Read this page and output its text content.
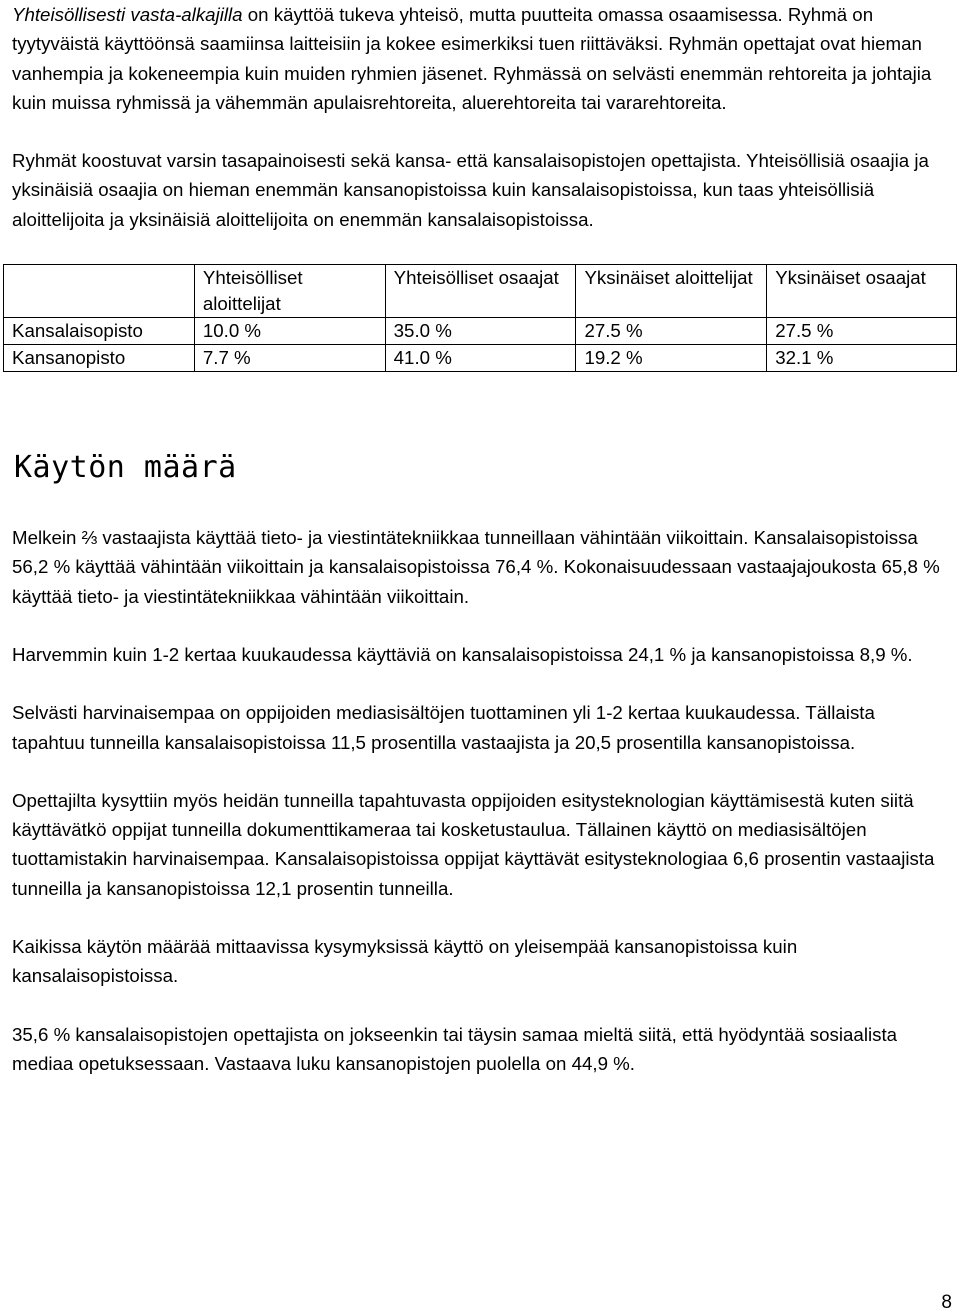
Yhteisöllisesti vasta-alkajilla on käyttöä tukeva yhteisö, mutta puutteita omassa osaamisessa. Ryhmä on tyytyväistä käyttöönsä saamiinsa laitteisiin ja kokee esimerkiksi tuen riittäväksi. Ryhmän opettajat ovat hieman vanhempia ja kokeneempia kuin muiden ryhmien jäsenet. Ryhmässä on selvästi enemmän rehtoreita ja johtajia kuin muissa ryhmissä ja vähemmän apulaisrehtoreita, aluerehtoreita tai vararehtoreita.

Ryhmät koostuvat varsin tasapainoisesti sekä kansa- että kansalaisopistojen opettajista. Yhteisöllisiä osaajia ja yksinäisiä osaajia on hieman enemmän kansanopistoissa kuin kansalaisopistoissa, kun taas yhteisöllisiä aloittelijoita ja yksinäisiä aloittelijoita on enemmän kansalaisopistoissa.

	Yhteisölliset aloittelijat	Yhteisölliset osaajat	Yksinäiset aloittelijat	Yksinäiset osaajat
Kansalaisopisto	10.0 %	35.0 %	27.5 %	27.5 %
Kansanopisto	7.7 %	41.0 %	19.2 %	32.1 %
Käytön määrä

Melkein ⅔ vastaajista käyttää tieto- ja viestintätekniikkaa tunneillaan vähintään viikoittain. Kansalaisopistoissa 56,2 % käyttää vähintään viikoittain ja kansalaisopistoissa 76,4 %. Kokonaisuudessaan vastaajajoukosta 65,8 % käyttää tieto- ja viestintätekniikkaa vähintään viikoittain.

Harvemmin kuin 1-2 kertaa kuukaudessa käyttäviä on kansalaisopistoissa 24,1 % ja kansanopistoissa 8,9 %.

Selvästi harvinaisempaa on oppijoiden mediasisältöjen tuottaminen yli 1-2 kertaa kuukaudessa. Tällaista tapahtuu tunneilla kansalaisopistoissa 11,5 prosentilla vastaajista ja 20,5 prosentilla kansanopistoissa.

Opettajilta kysyttiin myös heidän tunneilla tapahtuvasta oppijoiden esitysteknologian käyttämisestä kuten siitä käyttävätkö oppijat tunneilla dokumenttikameraa tai kosketustaulua. Tällainen käyttö on mediasisältöjen tuottamistakin harvinaisempaa. Kansalaisopistoissa oppijat käyttävät esitysteknologiaa 6,6 prosentin vastaajista tunneilla ja kansanopistoissa 12,1 prosentin tunneilla.

Kaikissa käytön määrää mittaavissa kysymyksissä käyttö on yleisempää kansanopistoissa kuin kansalaisopistoissa.

35,6 % kansalaisopistojen opettajista on jokseenkin tai täysin samaa mieltä siitä, että hyödyntää sosiaalista mediaa opetuksessaan. Vastaava luku kansanopistojen puolella on 44,9 %.

8
